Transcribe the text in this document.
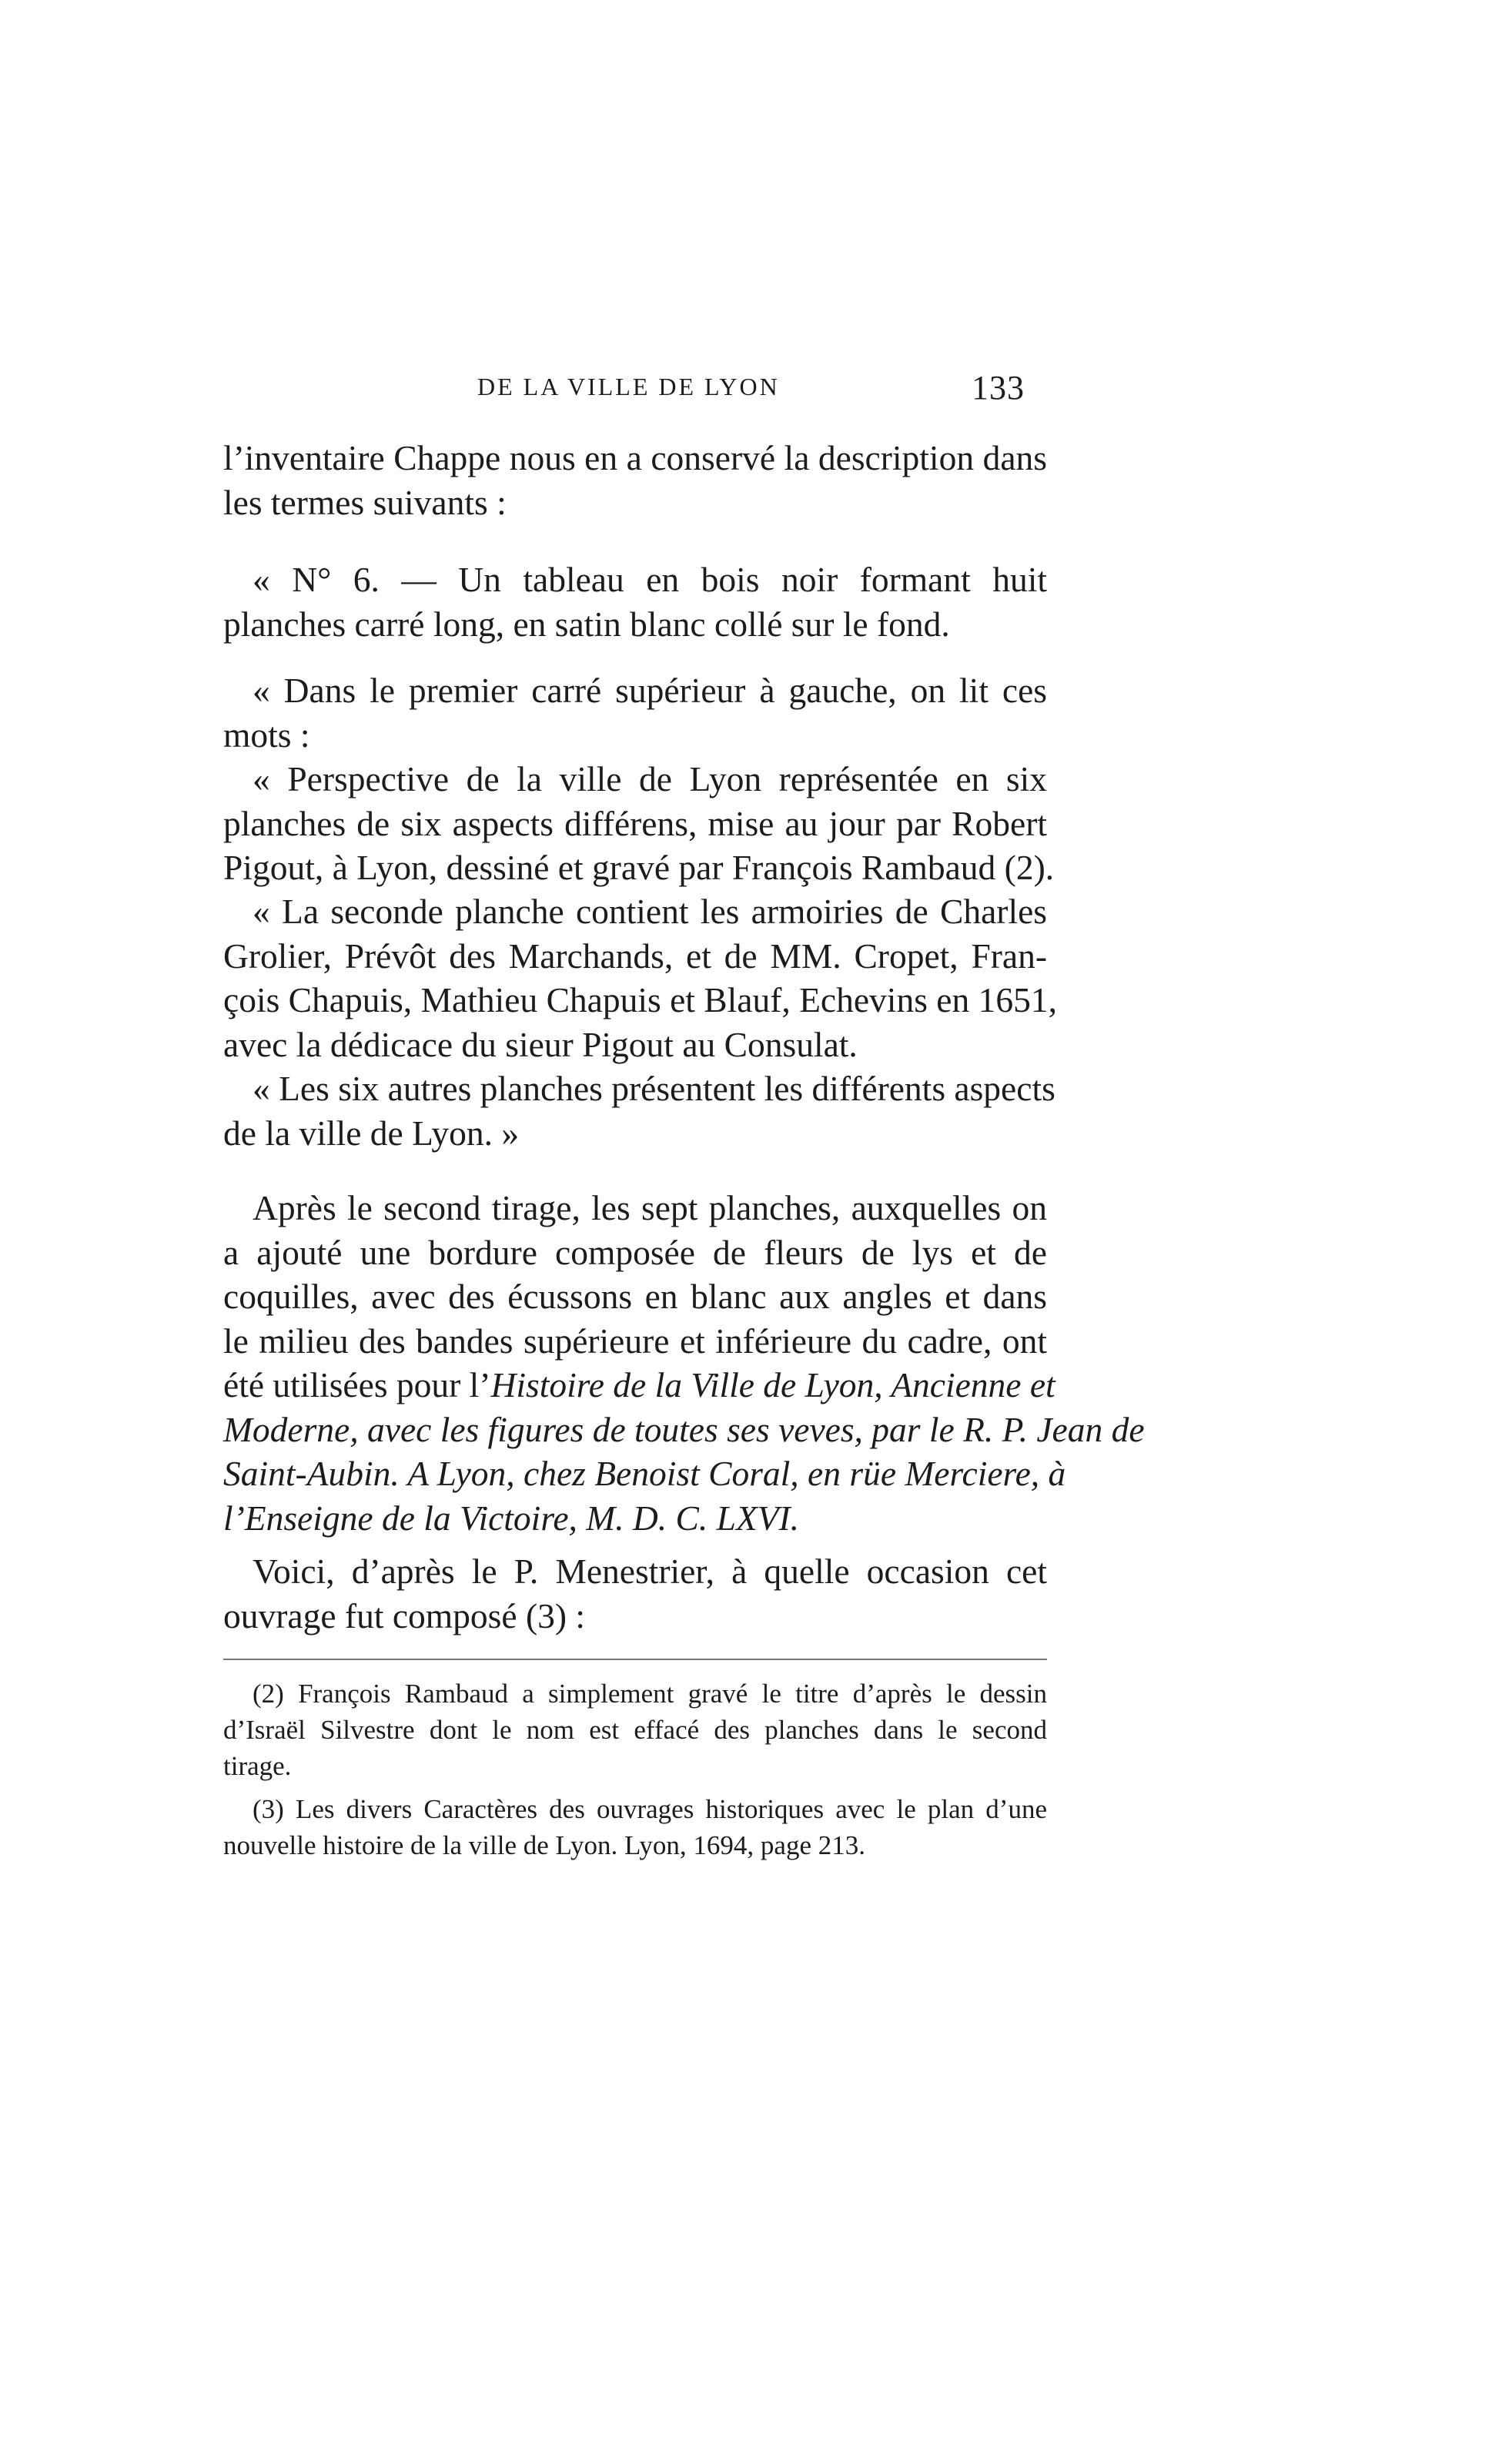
DE LA VILLE DE LYON	133
l’inventaire Chappe nous en a conservé la description dans
les termes suivants :
« N° 6. — Un tableau en bois noir formant huit
planches carré long, en satin blanc collé sur le fond.
« Dans le premier carré supérieur à gauche, on lit ces
mots :
« Perspective de la ville de Lyon représentée en six
planches de six aspects différens, mise au jour par Robert
Pigout, à Lyon, dessiné et gravé par François Rambaud (2).
« La seconde planche contient les armoiries de Charles
Grolier, Prévôt des Marchands, et de MM. Cropet, Fran-
çois Chapuis, Mathieu Chapuis et Blauf, Echevins en 1651,
avec la dédicace du sieur Pigout au Consulat.
« Les six autres planches présentent les différents aspects
de la ville de Lyon. »
Après le second tirage, les sept planches, auxquelles on
a ajouté une bordure composée de fleurs de lys et de
coquilles, avec des écussons en blanc aux angles et dans
le milieu des bandes supérieure et inférieure du cadre, ont
été utilisées pour l’Histoire de la Ville de Lyon, Ancienne et
Moderne, avec les figures de toutes ses veves, par le R. P. Jean de
Saint-Aubin. A Lyon, chez Benoist Coral, en rüe Merciere, à
l’Enseigne de la Victoire, M. D. C. LXVI.
Voici, d’après le P. Menestrier, à quelle occasion cet
ouvrage fut composé (3) :
(2) François Rambaud a simplement gravé le titre d’après le dessin
d’Israël Silvestre dont le nom est effacé des planches dans le second
tirage.
(3) Les divers Caractères des ouvrages historiques avec le plan d’une
nouvelle histoire de la ville de Lyon. Lyon, 1694, page 213.
